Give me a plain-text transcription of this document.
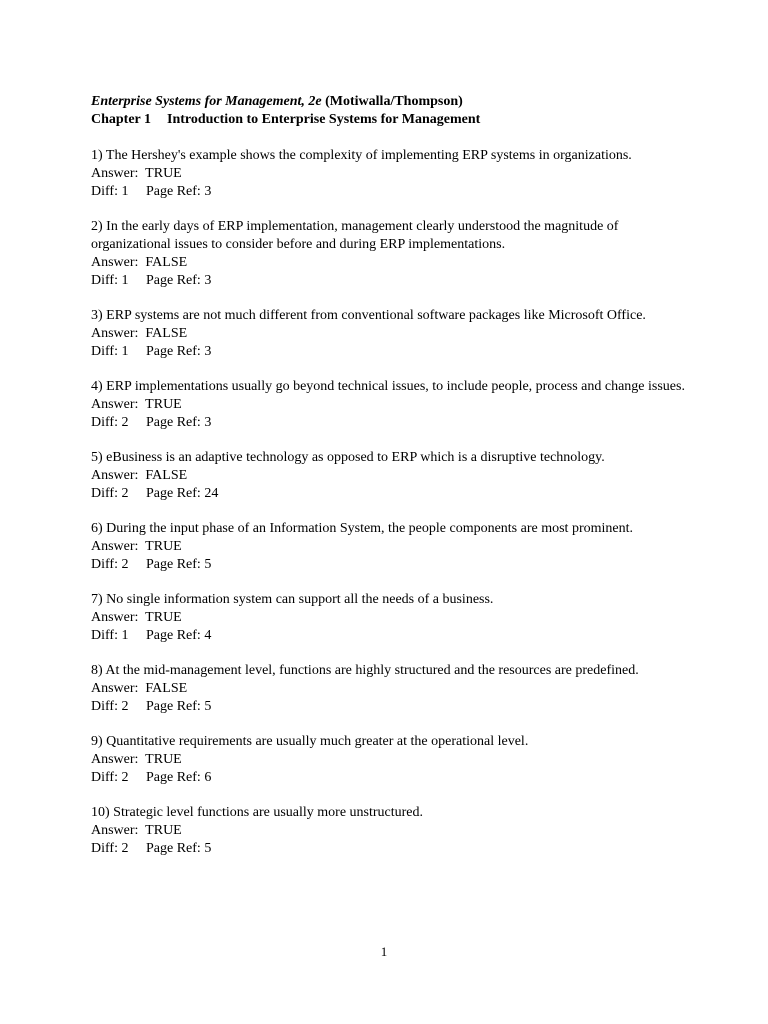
Enterprise Systems for Management, 2e (Motiwalla/Thompson)
Chapter 1 Introduction to Enterprise Systems for Management
1) The Hershey's example shows the complexity of implementing ERP systems in organizations.
Answer:  TRUE
Diff: 1 Page Ref: 3
2) In the early days of ERP implementation, management clearly understood the magnitude of organizational issues to consider before and during ERP implementations.
Answer:  FALSE
Diff: 1 Page Ref: 3
3) ERP systems are not much different from conventional software packages like Microsoft Office.
Answer:  FALSE
Diff: 1 Page Ref: 3
4) ERP implementations usually go beyond technical issues, to include people, process and change issues.
Answer:  TRUE
Diff: 2 Page Ref: 3
5) eBusiness is an adaptive technology as opposed to ERP which is a disruptive technology.
Answer:  FALSE
Diff: 2 Page Ref: 24
6) During the input phase of an Information System, the people components are most prominent.
Answer:  TRUE
Diff: 2 Page Ref: 5
7) No single information system can support all the needs of a business.
Answer:  TRUE
Diff: 1 Page Ref: 4
8) At the mid-management level, functions are highly structured and the resources are predefined.
Answer:  FALSE
Diff: 2 Page Ref: 5
9) Quantitative requirements are usually much greater at the operational level.
Answer:  TRUE
Diff: 2 Page Ref: 6
10) Strategic level functions are usually more unstructured.
Answer:  TRUE
Diff: 2 Page Ref: 5
1
